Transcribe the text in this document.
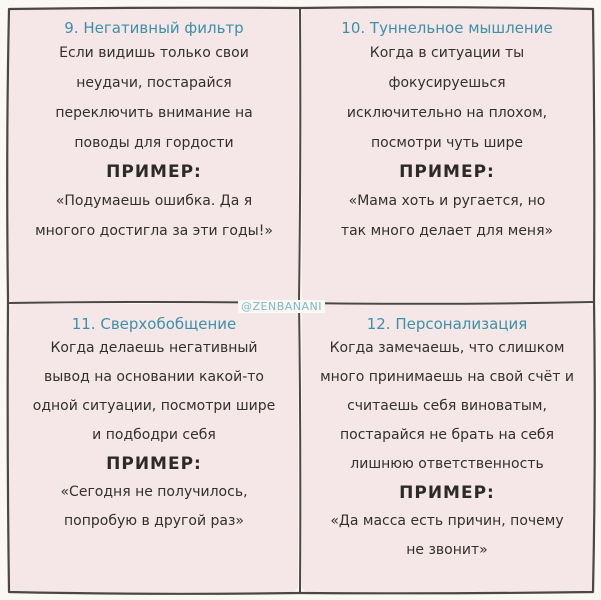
9. Негативный фильтр
Если видишь только свои
неудачи, постарайся
переключить внимание на
поводы для гордости
ПРИМЕР:
«Подумаешь ошибка. Да я
многого достигла за эти годы!»
10. Туннельное мышление
Когда в ситуации ты
фокусируешься
исключительно на плохом,
посмотри чуть шире
ПРИМЕР:
«Мама хоть и ругается, но
так много делает для меня»
11. Сверхобобщение
Когда делаешь негативный
вывод на основании какой-то
одной ситуации, посмотри шире
и подбодри себя
ПРИМЕР:
«Сегодня не получилось,
попробую в другой раз»
12. Персонализация
Когда замечаешь, что слишком
много принимаешь на свой счёт и
считаешь себя виноватым,
постарайся не брать на себя
лишнюю ответственность
ПРИМЕР:
«Да масса есть причин, почему
не звонит»
@ZENBANANI
